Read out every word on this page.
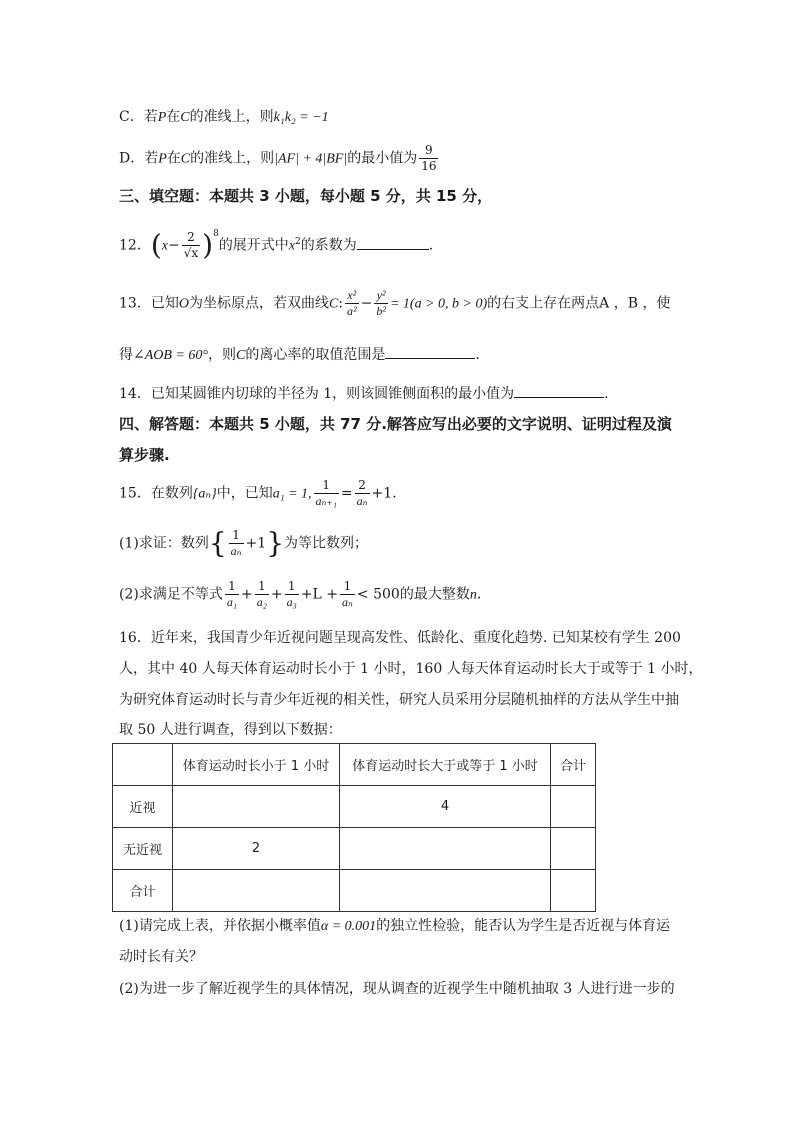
C．若P在C的准线上，则k₁k₂ = −1
D．若P在C的准线上，则|AF| + 4|BF|的最小值为 $\frac{9}{16}$
三、填空题：本题共 3 小题，每小题 5 分，共 15 分，
12．$(x- \frac{2}{√x} )^8$的展开式中$x^2$的系数为	.
13．已知O为坐标原点，若双曲线C: $\frac{\text{x²}}{\text{a²}} - \frac{\text{y²}}{\text{b²}} = 1(a > 0$, b > 0)的右支上存在两点A ，B ，使
得∠AOB = 60°，则C的离心率的取值范围是	.
14．已知某圆锥内切球的半径为 1，则该圆锥侧面积的最小值为	.
四、解答题：本题共 5 小题，共 77 分.解答应写出必要的文字说明、证明过程及演
算步骤.
15．在数列{aₙ}中，已知a₁ = 1, $\frac{1}{\text{aₙ₊₁}} = \frac{2}{\text{aₙ}} +1$.
(1)求证：数列{ $\frac{1}{\text{aₙ}} +1$}为等比数列；
(2)求满足不等式 $\frac{1}{\text{a₁}} + \frac{1}{\text{a₂}} + \frac{1}{\text{a₃}} +L + \frac{1}{\text{aₙ}} < 500$的最大整数n.
16．近年来，我国青少年近视问题呈现高发性、低龄化、重度化趋势. 已知某校有学生 200
人，其中 40 人每天体育运动时长小于 1 小时，160 人每天体育运动时长大于或等于 1 小时，
为研究体育运动时长与青少年近视的相关性，研究人员采用分层随机抽样的方法从学生中抽
取 50 人进行调查，得到以下数据：
	体育运动时长小于 1 小时	体育运动时长大于或等于 1 小时	合计
近视		4	
无近视	2		
合计			
(1)请完成上表，并依据小概率值α = 0.001的独立性检验，能否认为学生是否近视与体育运
动时长有关？
(2)为进一步了解近视学生的具体情况，现从调查的近视学生中随机抽取 3 人进行进一步的
